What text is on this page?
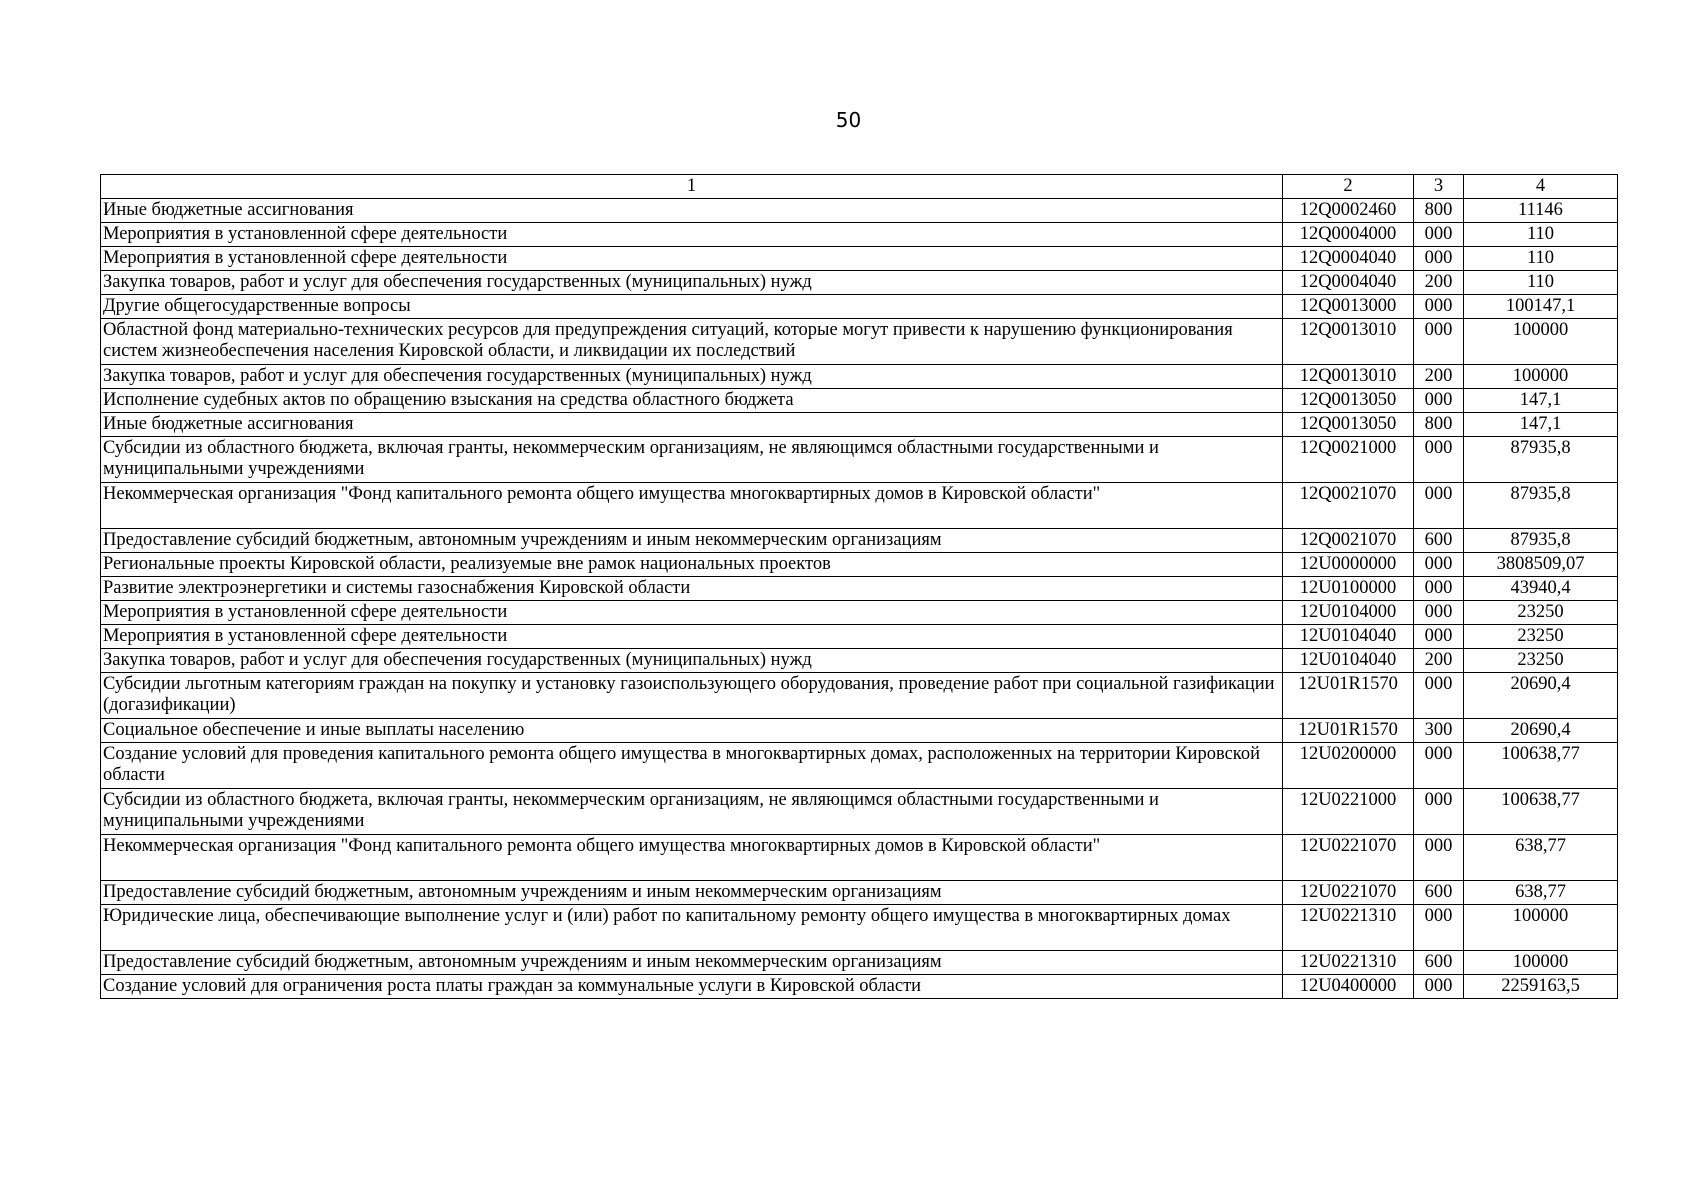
50
1	2	3	4
Иные бюджетные ассигнования	12Q0002460	800	11146
Мероприятия в установленной сфере деятельности	12Q0004000	000	110
Мероприятия в установленной сфере деятельности	12Q0004040	000	110
Закупка товаров, работ и услуг для обеспечения государственных (муниципальных) нужд	12Q0004040	200	110
Другие общегосударственные вопросы	12Q0013000	000	100147,1
Областной фонд материально-технических ресурсов для предупреждения ситуаций, которые могут привести к нарушению функционирования систем жизнеобеспечения населения Кировской области, и ликвидации их последствий	12Q0013010	000	100000
Закупка товаров, работ и услуг для обеспечения государственных (муниципальных) нужд	12Q0013010	200	100000
Исполнение судебных актов по обращению взыскания на средства областного бюджета	12Q0013050	000	147,1
Иные бюджетные ассигнования	12Q0013050	800	147,1
Субсидии из областного бюджета, включая гранты, некоммерческим организациям, не являющимся областными государственными и муниципальными учреждениями	12Q0021000	000	87935,8
Некоммерческая организация "Фонд капитального ремонта общего имущества многоквартирных домов в Кировской области"	12Q0021070	000	87935,8
Предоставление субсидий бюджетным, автономным учреждениям и иным некоммерческим организациям	12Q0021070	600	87935,8
Региональные проекты Кировской области, реализуемые вне рамок национальных проектов	12U0000000	000	3808509,07
Развитие электроэнергетики и системы газоснабжения Кировской области	12U0100000	000	43940,4
Мероприятия в установленной сфере деятельности	12U0104000	000	23250
Мероприятия в установленной сфере деятельности	12U0104040	000	23250
Закупка товаров, работ и услуг для обеспечения государственных (муниципальных) нужд	12U0104040	200	23250
Субсидии льготным категориям граждан на покупку и установку газоиспользующего оборудования, проведение работ при социальной газификации (догазификации)	12U01R1570	000	20690,4
Социальное обеспечение и иные выплаты населению	12U01R1570	300	20690,4
Создание условий для проведения капитального ремонта общего имущества в многоквартирных домах, расположенных на территории Кировской области	12U0200000	000	100638,77
Субсидии из областного бюджета, включая гранты, некоммерческим организациям, не являющимся областными государственными и муниципальными учреждениями	12U0221000	000	100638,77
Некоммерческая организация "Фонд капитального ремонта общего имущества многоквартирных домов в Кировской области"	12U0221070	000	638,77
Предоставление субсидий бюджетным, автономным учреждениям и иным некоммерческим организациям	12U0221070	600	638,77
Юридические лица, обеспечивающие выполнение услуг и (или) работ по капитальному ремонту общего имущества в многоквартирных домах	12U0221310	000	100000
Предоставление субсидий бюджетным, автономным учреждениям и иным некоммерческим организациям	12U0221310	600	100000
Создание условий для ограничения роста платы граждан за коммунальные услуги в Кировской области	12U0400000	000	2259163,5
